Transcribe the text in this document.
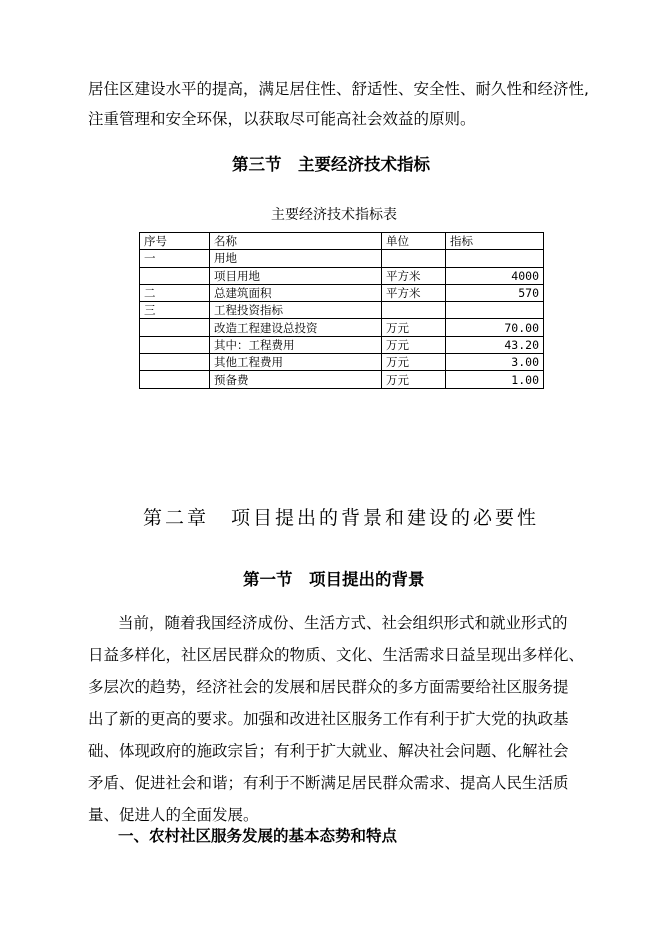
居住区建设水平的提高，满足居住性、舒适性、安全性、耐久性和经济性,

注重管理和安全环保，以获取尽可能高社会效益的原则。

第三节　主要经济技术指标
主要经济技术指标表
序号	名称	单位	指标
一	用地		
	项目用地	平方米	4000
二	总建筑面积	平方米	570
三	工程投资指标		
	改造工程建设总投资	万元	70.00
	其中：工程费用	万元	43.20
	其他工程费用	万元	3.00
	预备费	万元	1.00
第二章　项目提出的背景和建设的必要性
第一节　项目提出的背景

当前，随着我国经济成份、生活方式、社会组织形式和就业形式的

日益多样化，社区居民群众的物质、文化、生活需求日益呈现出多样化、

多层次的趋势，经济社会的发展和居民群众的多方面需要给社区服务提

出了新的更高的要求。加强和改进社区服务工作有利于扩大党的执政基

础、体现政府的施政宗旨；有利于扩大就业、解决社会问题、化解社会

矛盾、促进社会和谐；有利于不断满足居民群众需求、提高人民生活质

量、促进人的全面发展。

一、农村社区服务发展的基本态势和特点
